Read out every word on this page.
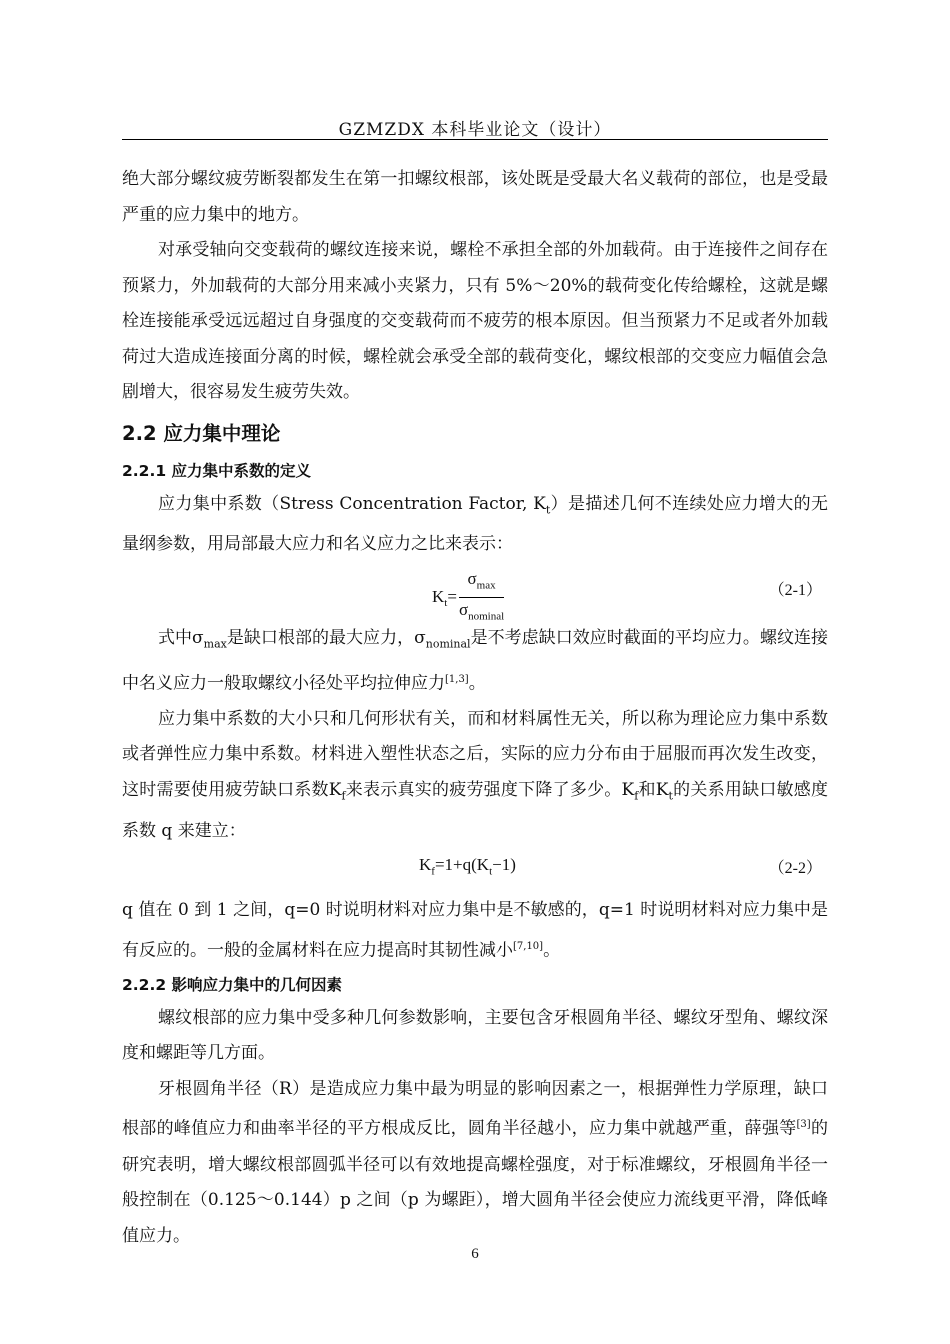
GZMZDX 本科毕业论文（设计）

绝大部分螺纹疲劳断裂都发生在第一扣螺纹根部，该处既是受最大名义载荷的部位，也是受最严重的应力集中的地方。

对承受轴向交变载荷的螺纹连接来说，螺栓不承担全部的外加载荷。由于连接件之间存在预紧力，外加载荷的大部分用来减小夹紧力，只有 5%～20%的载荷变化传给螺栓，这就是螺栓连接能承受远远超过自身强度的交变载荷而不疲劳的根本原因。但当预紧力不足或者外加载荷过大造成连接面分离的时候，螺栓就会承受全部的载荷变化，螺纹根部的交变应力幅值会急剧增大，很容易发生疲劳失效。

2.2 应力集中理论
2.2.1 应力集中系数的定义

应力集中系数（Stress Concentration Factor, $K_t$）是描述几何不连续处应力增大的无量纲参数，用局部最大应力和名义应力之比来表示：

$K_t= \frac{\sigma_{max}}{\sigma_{nominal}}$	（2-1）

式中$\sigma_{max}$是缺口根部的最大应力，$\sigma_{nominal}$是不考虑缺口效应时截面的平均应力。螺纹连接中名义应力一般取螺纹小径处平均拉伸应力[1,3]。

应力集中系数的大小只和几何形状有关，而和材料属性无关，所以称为理论应力集中系数或者弹性应力集中系数。材料进入塑性状态之后，实际的应力分布由于屈服而再次发生改变，这时需要使用疲劳缺口系数$K_f$来表示真实的疲劳强度下降了多少。$K_f$和$K_t$的关系用缺口敏感度系数 q 来建立：

$K_f=1+q(K_t-1)$	（2-2）

q 值在 0 到 1 之间，q=0 时说明材料对应力集中是不敏感的，q=1 时说明材料对应力集中是有反应的。一般的金属材料在应力提高时其韧性减小[7,10]。

2.2.2 影响应力集中的几何因素

螺纹根部的应力集中受多种几何参数影响，主要包含牙根圆角半径、螺纹牙型角、螺纹深度和螺距等几方面。

牙根圆角半径（R）是造成应力集中最为明显的影响因素之一，根据弹性力学原理，缺口根部的峰值应力和曲率半径的平方根成反比，圆角半径越小，应力集中就越严重，薛强等[3]的研究表明，增大螺纹根部圆弧半径可以有效地提高螺栓强度，对于标准螺纹，牙根圆角半径一般控制在（0.125～0.144）p 之间（p 为螺距），增大圆角半径会使应力流线更平滑，降低峰值应力。

6
